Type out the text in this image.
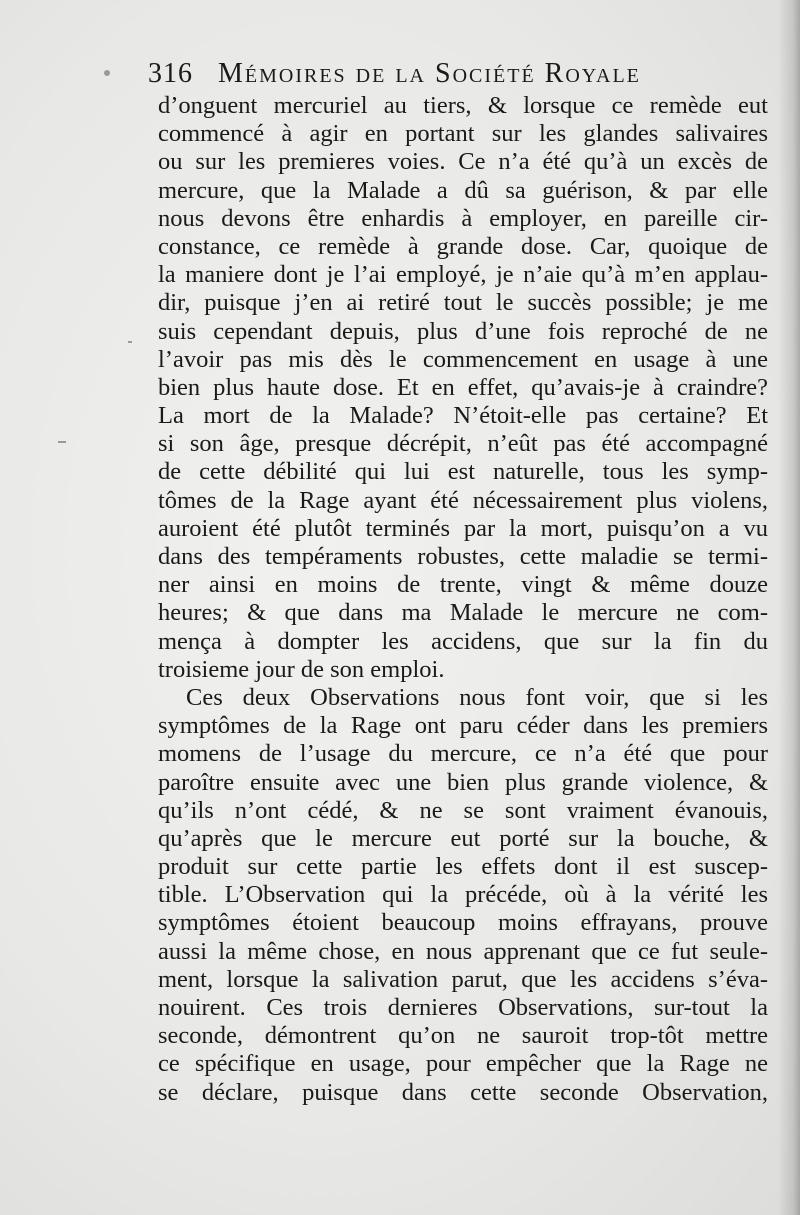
316 Mémoires de la Société Royale
d’onguent mercuriel au tiers, & lorsque ce remède eut
commencé à agir en portant sur les glandes salivaires
ou sur les premieres voies. Ce n’a été qu’à un excès de
mercure, que la Malade a dû sa guérison, & par elle
nous devons être enhardis à employer, en pareille cir-
constance, ce remède à grande dose. Car, quoique de
la maniere dont je l’ai employé, je n’aie qu’à m’en applau-
dir, puisque j’en ai retiré tout le succès possible; je me
suis cependant depuis, plus d’une fois reproché de ne
l’avoir pas mis dès le commencement en usage à une
bien plus haute dose. Et en effet, qu’avais-je à craindre?
La mort de la Malade? N’étoit-elle pas certaine? Et
si son âge, presque décrépit, n’eût pas été accompagné
de cette débilité qui lui est naturelle, tous les symp-
tômes de la Rage ayant été nécessairement plus violens,
auroient été plutôt terminés par la mort, puisqu’on a vu
dans des tempéraments robustes, cette maladie se termi-
ner ainsi en moins de trente, vingt & même douze
heures; & que dans ma Malade le mercure ne com-
mença à dompter les accidens, que sur la fin du
troisieme jour de son emploi.
Ces deux Observations nous font voir, que si les
symptômes de la Rage ont paru céder dans les premiers
momens de l’usage du mercure, ce n’a été que pour
paroître ensuite avec une bien plus grande violence, &
qu’ils n’ont cédé, & ne se sont vraiment évanouis,
qu’après que le mercure eut porté sur la bouche, &
produit sur cette partie les effets dont il est suscep-
tible. L’Observation qui la précéde, où à la vérité les
symptômes étoient beaucoup moins effrayans, prouve
aussi la même chose, en nous apprenant que ce fut seule-
ment, lorsque la salivation parut, que les accidens s’éva-
nouirent. Ces trois dernieres Observations, sur-tout la
seconde, démontrent qu’on ne sauroit trop-tôt mettre
ce spécifique en usage, pour empêcher que la Rage ne
se déclare, puisque dans cette seconde Observation,
